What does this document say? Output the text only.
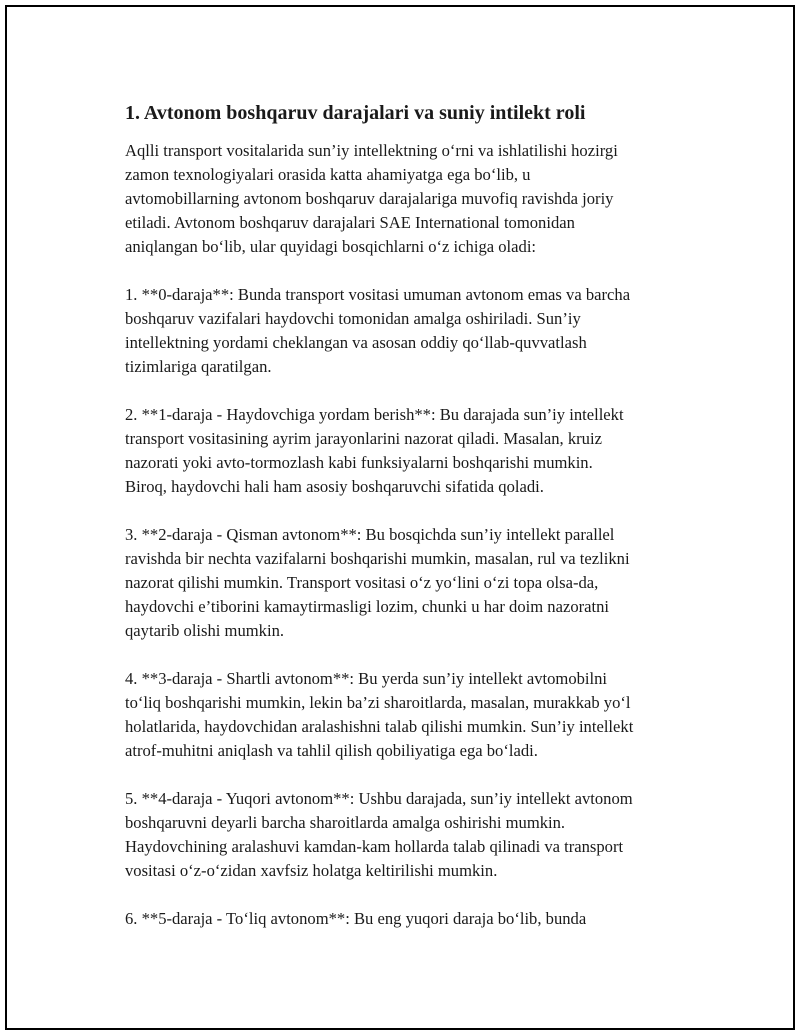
1. Avtonom boshqaruv darajalari va suniy intilekt roli
Aqlli transport vositalarida sun’iy intellektning o‘rni va ishlatilishi hozirgi
zamon texnologiyalari orasida katta ahamiyatga ega bo‘lib, u
avtomobillarning avtonom boshqaruv darajalariga muvofiq ravishda joriy
etiladi. Avtonom boshqaruv darajalari SAE International tomonidan
aniqlangan bo‘lib, ular quyidagi bosqichlarni o‘z ichiga oladi:
1. **0-daraja**: Bunda transport vositasi umuman avtonom emas va barcha
boshqaruv vazifalari haydovchi tomonidan amalga oshiriladi. Sun’iy
intellektning yordami cheklangan va asosan oddiy qo‘llab-quvvatlash
tizimlariga qaratilgan.
2. **1-daraja - Haydovchiga yordam berish**: Bu darajada sun’iy intellekt
transport vositasining ayrim jarayonlarini nazorat qiladi. Masalan, kruiz
nazorati yoki avto-tormozlash kabi funksiyalarni boshqarishi mumkin.
Biroq, haydovchi hali ham asosiy boshqaruvchi sifatida qoladi.
3. **2-daraja - Qisman avtonom**: Bu bosqichda sun’iy intellekt parallel
ravishda bir nechta vazifalarni boshqarishi mumkin, masalan, rul va tezlikni
nazorat qilishi mumkin. Transport vositasi o‘z yo‘lini o‘zi topa olsa-da,
haydovchi e’tiborini kamaytirmasligi lozim, chunki u har doim nazoratni
qaytarib olishi mumkin.
4. **3-daraja - Shartli avtonom**: Bu yerda sun’iy intellekt avtomobilni
to‘liq boshqarishi mumkin, lekin ba’zi sharoitlarda, masalan, murakkab yo‘l
holatlarida, haydovchidan aralashishni talab qilishi mumkin. Sun’iy intellekt
atrof-muhitni aniqlash va tahlil qilish qobiliyatiga ega bo‘ladi.
5. **4-daraja - Yuqori avtonom**: Ushbu darajada, sun’iy intellekt avtonom
boshqaruvni deyarli barcha sharoitlarda amalga oshirishi mumkin.
Haydovchining aralashuvi kamdan-kam hollarda talab qilinadi va transport
vositasi o‘z-o‘zidan xavfsiz holatga keltirilishi mumkin.
6. **5-daraja - To‘liq avtonom**: Bu eng yuqori daraja bo‘lib, bunda
